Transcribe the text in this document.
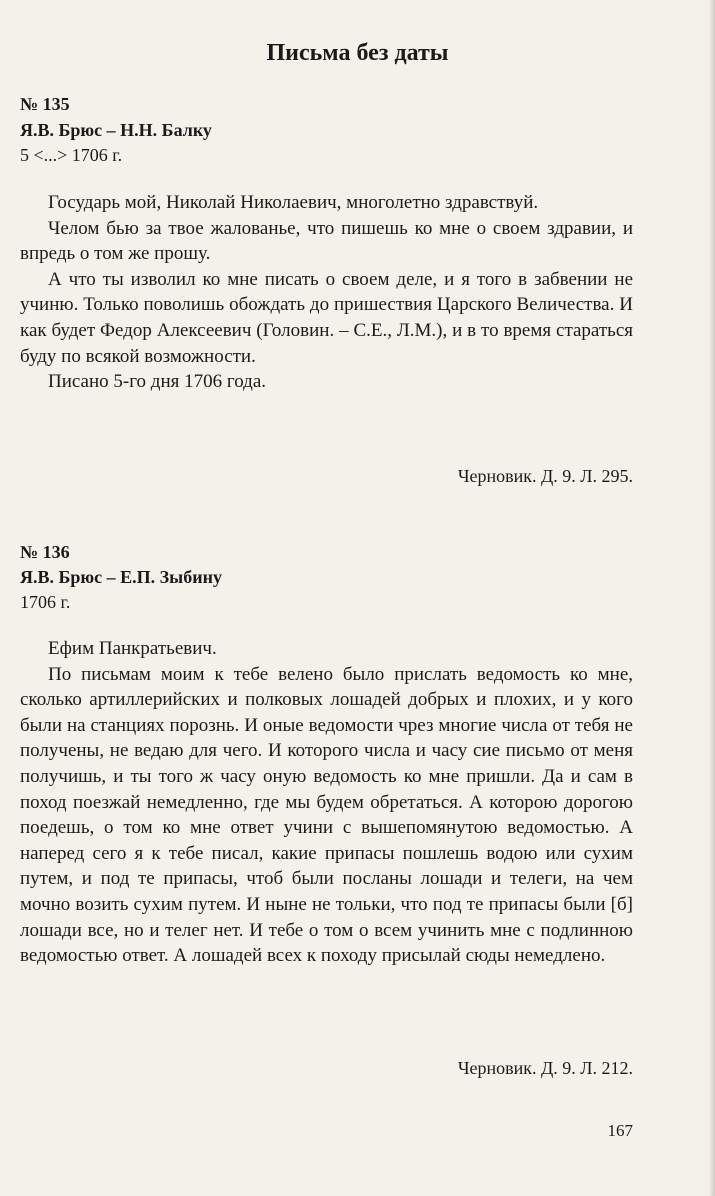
Письма без даты
№ 135
Я.В. Брюс – Н.Н. Балку
5 <...> 1706 г.

Государь мой, Николай Николаевич, многолетно здравствуй.

Челом бью за твое жалованье, что пишешь ко мне о своем здравии, и впредь о том же прошу.

А что ты изволил ко мне писать о своем деле, и я того в забвении не учиню. Только поволишь обождать до пришествия Царского Величества. И как будет Федор Алексеевич (Головин. – С.Е., Л.М.), и в то время стараться буду по всякой возможности.

Писано 5-го дня 1706 года.

Черновик. Д. 9. Л. 295.
№ 136
Я.В. Брюс – Е.П. Зыбину
1706 г.

Ефим Панкратьевич.

По письмам моим к тебе велено было прислать ведомость ко мне, сколько артиллерийских и полковых лошадей добрых и плохих, и у кого были на станциях порознь. И оные ведомости чрез многие числа от тебя не получены, не ведаю для чего. И которого числа и часу сие письмо от меня получишь, и ты того ж часу оную ведомость ко мне пришли. Да и сам в поход поезжай немедленно, где мы будем обретаться. А которою дорогою поедешь, о том ко мне ответ учини с вышепомянутою ведомостью. А наперед сего я к тебе писал, какие припасы пошлешь водою или сухим путем, и под те припасы, чтоб были посланы лошади и телеги, на чем мочно возить сухим путем. И ныне не тольки, что под те припасы были [б] лошади все, но и телег нет. И тебе о том о всем учинить мне с подлинною ведомостью ответ. А лошадей всех к походу присылай сюды немедлено.

Черновик. Д. 9. Л. 212.
167
